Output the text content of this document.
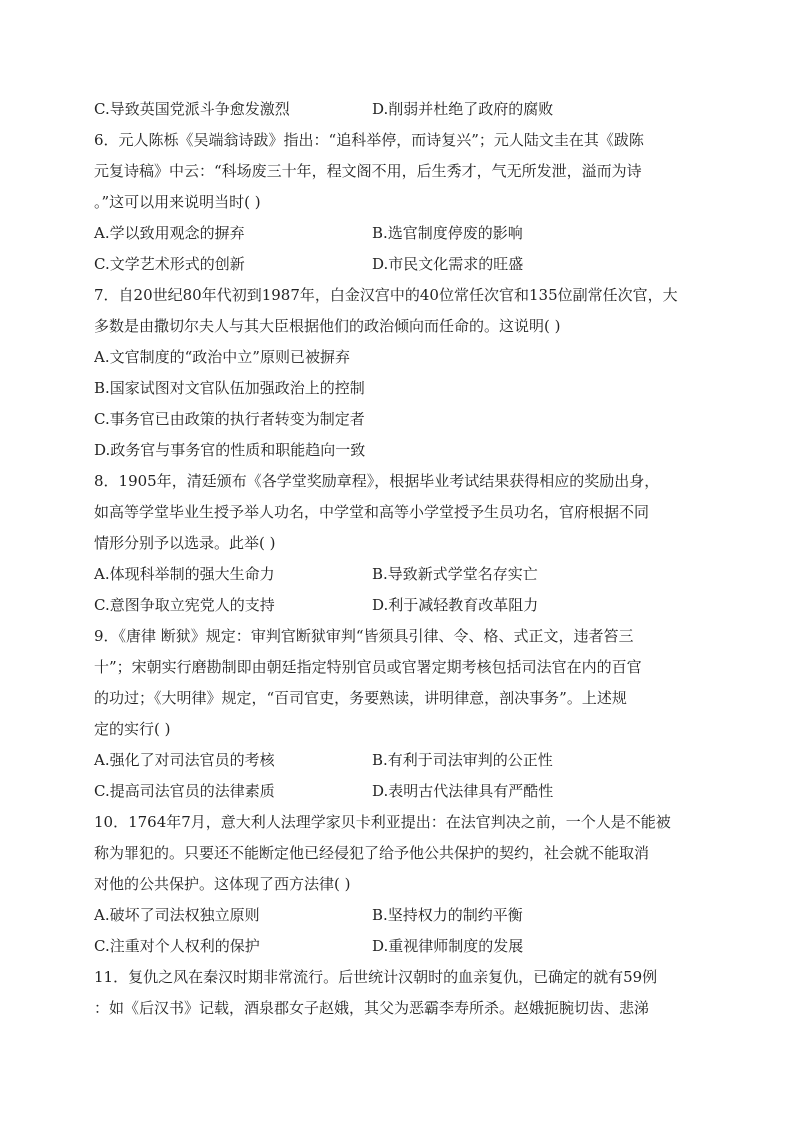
C.导致英国党派斗争愈发激烈	D.削弱并杜绝了政府的腐败
6．元人陈栎《吴端翁诗跋》指出：“追科举停，而诗复兴”；元人陆文圭在其《跋陈
元复诗稿》中云：“科场废三十年，程文阁不用，后生秀才，气无所发泄，溢而为诗
。”这可以用来说明当时( )
A.学以致用观念的摒弃	B.选官制度停废的影响
C.文学艺术形式的创新	D.市民文化需求的旺盛
7．自20世纪80年代初到1987年，白金汉宫中的40位常任次官和135位副常任次官，大
多数是由撒切尔夫人与其大臣根据他们的政治倾向而任命的。这说明( )
A.文官制度的“政治中立”原则已被摒弃
B.国家试图对文官队伍加强政治上的控制
C.事务官已由政策的执行者转变为制定者
D.政务官与事务官的性质和职能趋向一致
8．1905年，清廷颁布《各学堂奖励章程》，根据毕业考试结果获得相应的奖励出身，
如高等学堂毕业生授予举人功名，中学堂和高等小学堂授予生员功名，官府根据不同
情形分别予以选录。此举( )
A.体现科举制的强大生命力	B.导致新式学堂名存实亡
C.意图争取立宪党人的支持	D.利于减轻教育改革阻力
9．《唐律 断狱》规定：审判官断狱审判“皆须具引律、令、格、式正文，违者笞三
十”；宋朝实行磨勘制即由朝廷指定特别官员或官署定期考核包括司法官在内的百官
的功过；《大明律》规定，“百司官吏，务要熟读，讲明律意，剖决事务”。上述规
定的实行( )
A.强化了对司法官员的考核	B.有利于司法审判的公正性
C.提高司法官员的法律素质	D.表明古代法律具有严酷性
10．1764年7月，意大利人法理学家贝卡利亚提出：在法官判决之前，一个人是不能被
称为罪犯的。只要还不能断定他已经侵犯了给予他公共保护的契约，社会就不能取消
对他的公共保护。这体现了西方法律( )
A.破坏了司法权独立原则	B.坚持权力的制约平衡
C.注重对个人权利的保护	D.重视律师制度的发展
11．复仇之风在秦汉时期非常流行。后世统计汉朝时的血亲复仇，已确定的就有59例
：如《后汉书》记载，酒泉郡女子赵娥，其父为恶霸李寿所杀。赵娥扼腕切齿、悲涕
